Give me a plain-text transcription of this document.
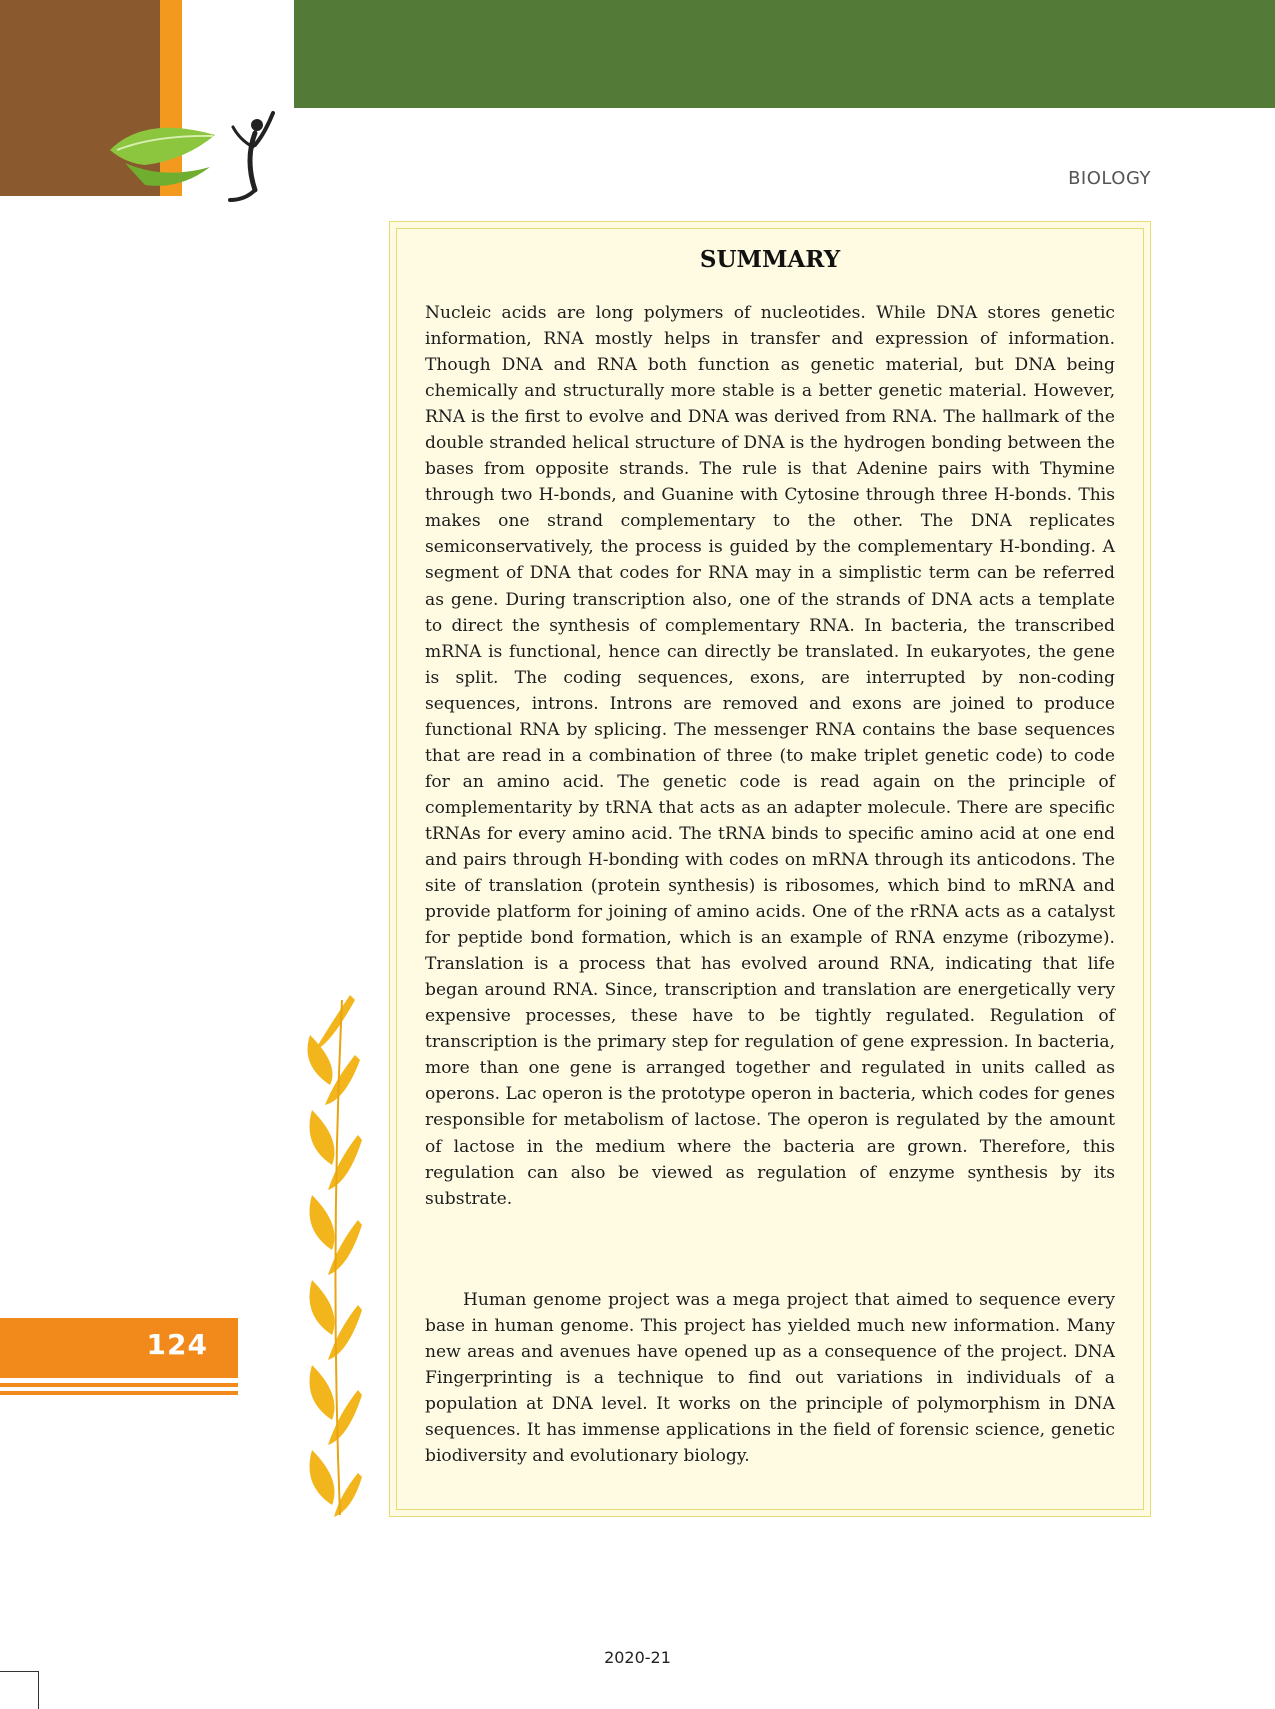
BIOLOGY
SUMMARY

Nucleic acids are long polymers of nucleotides. While DNA stores genetic information, RNA mostly helps in transfer and expression of information. Though DNA and RNA both function as genetic material, but DNA being chemically and structurally more stable is a better genetic material. However, RNA is the first to evolve and DNA was derived from RNA. The hallmark of the double stranded helical structure of DNA is the hydrogen bonding between the bases from opposite strands. The rule is that Adenine pairs with Thymine through two H-bonds, and Guanine with Cytosine through three H-bonds. This makes one strand complementary to the other. The DNA replicates semiconservatively, the process is guided by the complementary H-bonding. A segment of DNA that codes for RNA may in a simplistic term can be referred as gene. During transcription also, one of the strands of DNA acts a template to direct the synthesis of complementary RNA. In bacteria, the transcribed mRNA is functional, hence can directly be translated. In eukaryotes, the gene is split. The coding sequences, exons, are interrupted by non-coding sequences, introns. Introns are removed and exons are joined to produce functional RNA by splicing. The messenger RNA contains the base sequences that are read in a combination of three (to make triplet genetic code) to code for an amino acid. The genetic code is read again on the principle of complementarity by tRNA that acts as an adapter molecule. There are specific tRNAs for every amino acid. The tRNA binds to specific amino acid at one end and pairs through H-bonding with codes on mRNA through its anticodons. The site of translation (protein synthesis) is ribosomes, which bind to mRNA and provide platform for joining of amino acids. One of the rRNA acts as a catalyst for peptide bond formation, which is an example of RNA enzyme (ribozyme). Translation is a process that has evolved around RNA, indicating that life began around RNA. Since, transcription and translation are energetically very expensive processes, these have to be tightly regulated. Regulation of transcription is the primary step for regulation of gene expression. In bacteria, more than one gene is arranged together and regulated in units called as operons. Lac operon is the prototype operon in bacteria, which codes for genes responsible for metabolism of lactose. The operon is regulated by the amount of lactose in the medium where the bacteria are grown. Therefore, this regulation can also be viewed as regulation of enzyme synthesis by its substrate.

Human genome project was a mega project that aimed to sequence every base in human genome. This project has yielded much new information. Many new areas and avenues have opened up as a consequence of the project. DNA Fingerprinting is a technique to find out variations in individuals of a population at DNA level. It works on the principle of polymorphism in DNA sequences. It has immense applications in the field of forensic science, genetic biodiversity and evolutionary biology.

124
2020-21
